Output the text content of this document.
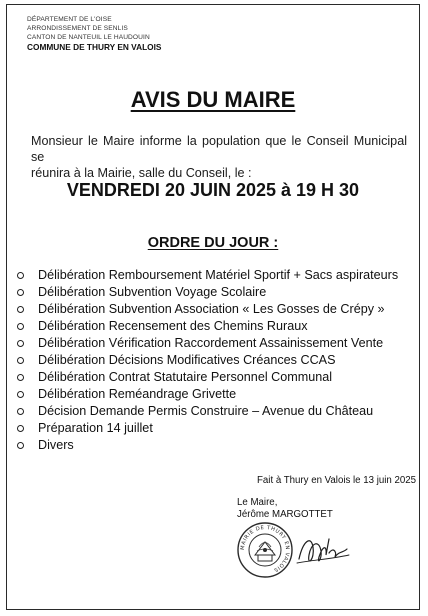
DÉPARTEMENT DE L'OISE
ARRONDISSEMENT DE SENLIS
CANTON DE NANTEUIL LE HAUDOUIN
COMMUNE DE THURY EN VALOIS
AVIS DU MAIRE
Monsieur le Maire informe la population que le Conseil Municipal se
réunira à la Mairie, salle du Conseil, le :
VENDREDI 20 JUIN 2025 à 19 H 30
ORDRE DU JOUR :
Délibération Remboursement Matériel Sportif + Sacs aspirateurs
Délibération Subvention Voyage Scolaire
Délibération Subvention Association « Les Gosses de Crépy »
Délibération Recensement des Chemins Ruraux
Délibération Vérification Raccordement Assainissement Vente
Délibération Décisions Modificatives Créances CCAS
Délibération Contrat Statutaire Personnel Communal
Délibération Reméandrage Grivette
Décision Demande Permis Construire – Avenue du Château
Préparation 14 juillet
Divers
Fait à Thury en Valois le 13 juin 2025
Le Maire,
Jérôme MARGOTTET
MAIRIE DE THURY EN VALOIS
